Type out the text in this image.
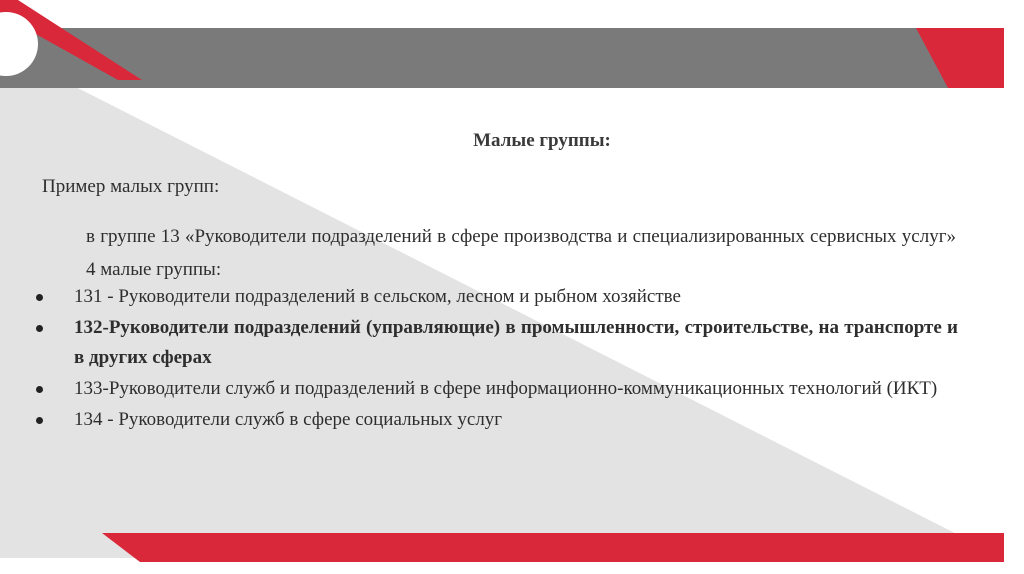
Малые группы:
Пример малых групп:
в группе 13 «Руководители подразделений в сфере производства и специализированных сервисных услуг» 4 малые группы:
131 - Руководители подразделений в сельском, лесном и рыбном хозяйстве
132-Руководители подразделений (управляющие) в промышленности, строительстве, на транспорте и в других сферах
133-Руководители служб и подразделений в сфере информационно-коммуникационных технологий (ИКТ)
134 - Руководители служб в сфере социальных услуг
